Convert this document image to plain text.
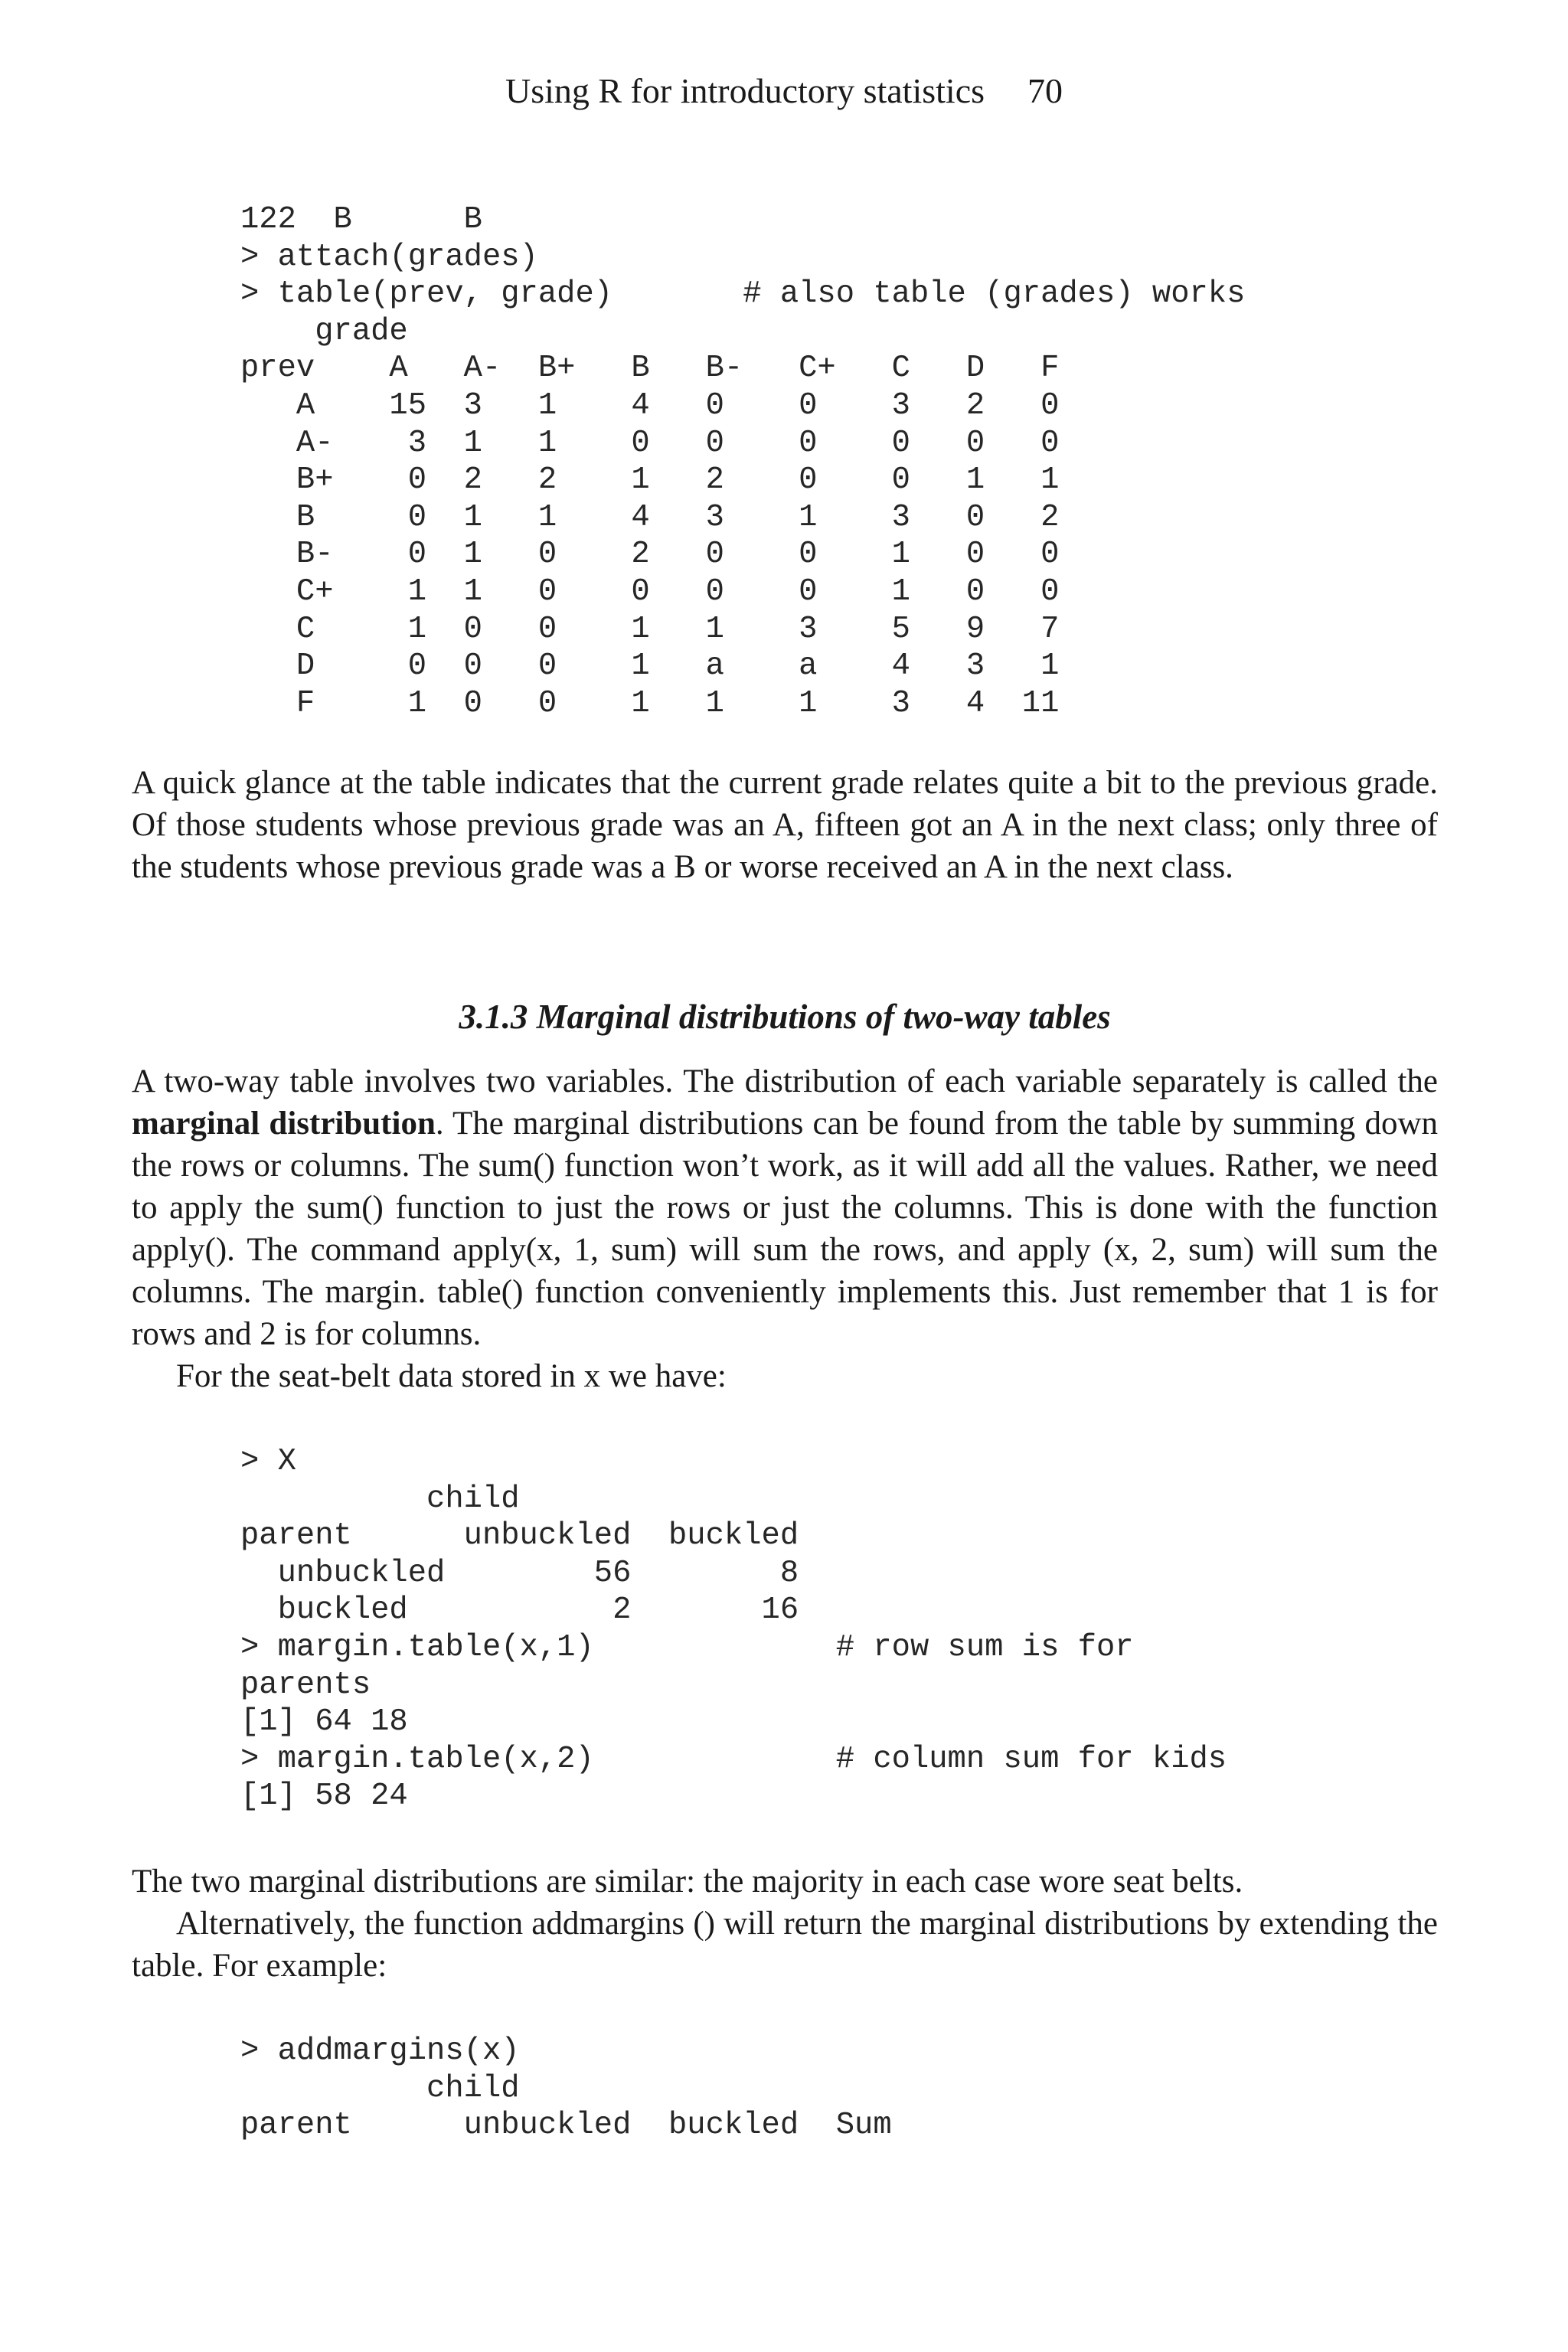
Using R for introductory statistics 70
122  B      B
> attach(grades)
> table(prev, grade)       # also table (grades) works
grade
prev    A   A-  B+   B   B-   C+   C   D   F
A    15  3   1    4   0    0    3   2   0
A-    3  1   1    0   0    0    0   0   0
B+    0  2   2    1   2    0    0   1   1
B     0  1   1    4   3    1    3   0   2
B-    0  1   0    2   0    0    1   0   0
C+    1  1   0    0   0    0    1   0   0
C     1  0   0    1   1    3    5   9   7
D     0  0   0    1   a    a    4   3   1
F     1  0   0    1   1    1    3   4  11

A quick glance at the table indicates that the current grade relates quite a bit to the previous grade. Of those students whose previous grade was an A, fifteen got an A in the next class; only three of the students whose previous grade was a B or worse received an A in the next class.

3.1.3 Marginal distributions of two-way tables

A two-way table involves two variables. The distribution of each variable separately is called the marginal distribution. The marginal distributions can be found from the table by summing down the rows or columns. The sum() function won’t work, as it will add all the values. Rather, we need to apply the sum() function to just the rows or just the columns. This is done with the function apply(). The command apply(x, 1, sum) will sum the rows, and apply (x, 2, sum) will sum the columns. The margin. table() function conveniently implements this. Just remember that 1 is for rows and 2 is for columns.

For the seat-belt data stored in x we have:

> X
child
parent      unbuckled  buckled
unbuckled        56        8
buckled           2       16
> margin.table(x,1)             # row sum is for
parents
[1] 64 18
> margin.table(x,2)             # column sum for kids
[1] 58 24

The two marginal distributions are similar: the majority in each case wore seat belts.

Alternatively, the function addmargins () will return the marginal distributions by extending the table. For example:

> addmargins(x)
child
parent      unbuckled  buckled  Sum
